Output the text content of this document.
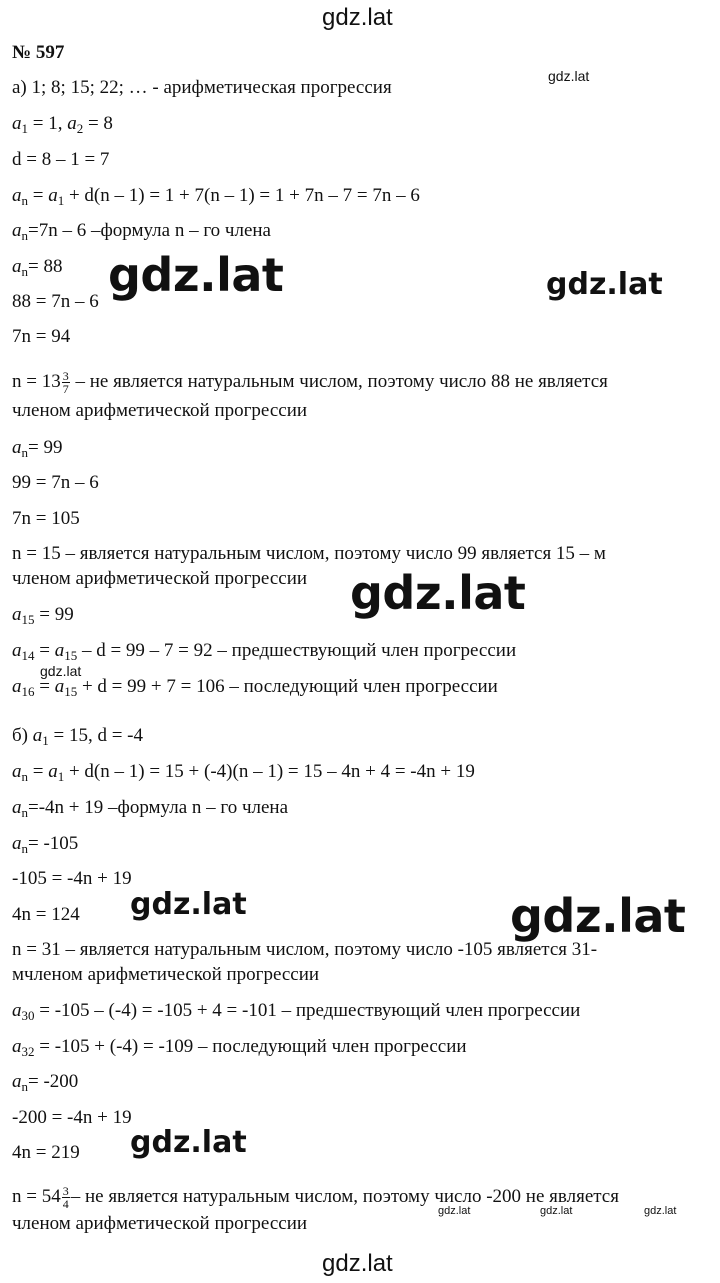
gdz.lat
№ 597
а) 1; 8; 15; 22; … - арифметическая прогрессия
gdz.lat
$a_1 = 1$, $a_2 = 8$
d = 8 – 1 = 7
$a_n = a_1 + d(n - 1) = 1 + 7(n - 1) = 1 + 7n - 7 = 7n - 6$
$a_n=7n - 6$ –формула n – го члена
$a_n= 88$
88 = 7n – 6 gdz.lat	gdz.lat
7n = 94
$n = 13 \frac{3}{7}$ – не является натуральным числом, поэтому число 88 не является
членом арифметической прогрессии
$a_n= 99$
99 = 7n – 6
7n = 105
n = 15 – является натуральным числом, поэтому число 99 является 15 – м
членом арифметической прогрессии gdz.lat
$a_{15} = 99$
$a_{14} = a_{15} - d = 99 - 7 = 92$ – предшествующий член прогрессии
gdz.lat
$a_{16} = a_{15} + d = 99 + 7 = 106$ – последующий член прогрессии
б) $a_1 = 15$, d = -4
$a_n = a_1 + d(n - 1) = 15 + (-4)(n - 1) = 15 - 4n + 4 = -4n + 19$
$a_n=-4n + 19$ –формула n – го члена
$a_n= -105$
-105 = -4n + 19
4n = 124 gdz.lat	gdz.lat
n = 31 – является натуральным числом, поэтому число -105 является 31-
мчленом арифметической прогрессии
$a_{30} = -105 - (-4) = -105 + 4 = -101$ – предшествующий член прогрессии
$a_{32} = -105 + (-4) = -109$ – последующий член прогрессии
$a_n= -200$
-200 = -4n + 19
4n = 219 gdz.lat
$n = 54 \frac{3}{4}$ – не является натуральным числом, поэтому число -200 не является
членом арифметической прогрессии
gdz.lat	gdz.lat	gdz.lat
gdz.lat
